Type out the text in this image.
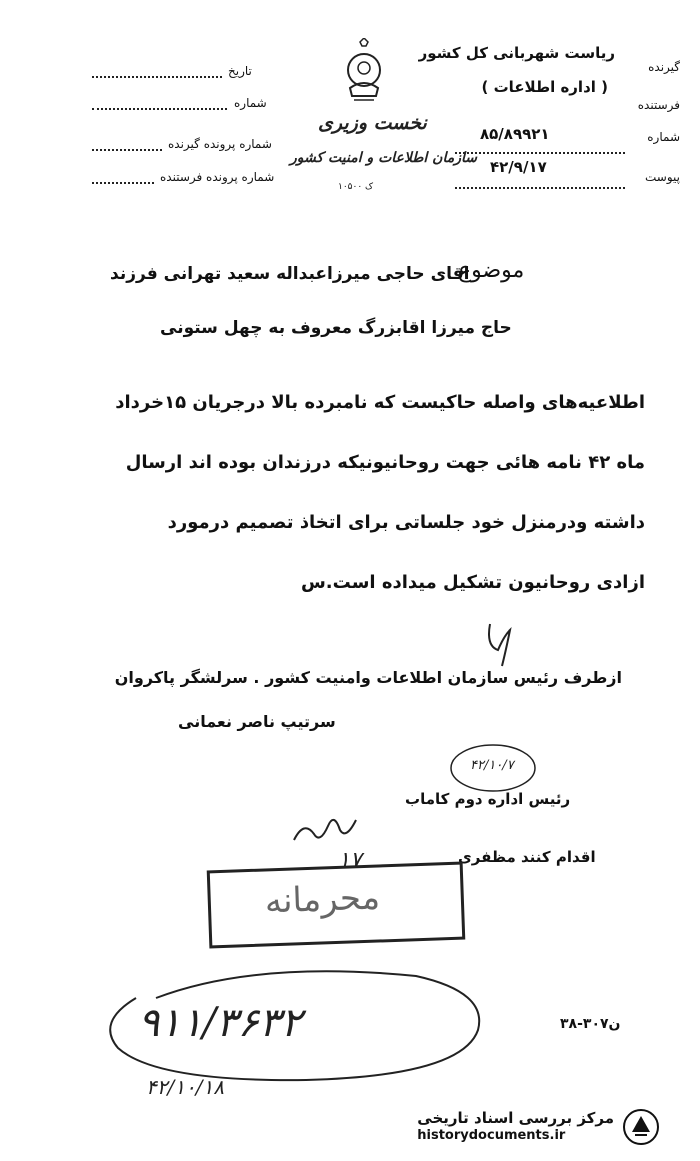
گیرنده
ریاست شهربانی کل کشور
فرستنده
( اداره اطلاعات )
شماره
۸۵/۸۹۹۲۱
پیوست
۴۲/۹/۱۷
نخست وزیری
سازمان اطلاعات و امنیت کشور
ک ۱۰۵۰۰
تاریخ
شماره
شماره پرونده گیرنده
شماره پرونده فرستنده
موضوع
اقای حاجی میرزاعبداله سعید تهرانی فرزند
حاج میرزا اقابزرگ معروف به چهل ستونی
اطلاعیه‌های واصله حاکیست که نامبرده بالا درجریان ۱۵خرداد
ماه ۴۲ نامه هائی جهت روحانیونیکه درزندان بوده اند ارسال
داشته ودرمنزل خود جلساتی برای اتخاذ تصمیم درمورد
ازادی روحانیون تشکیل میداده است.س
ازطرف رئیس سازمان اطلاعات وامنیت کشور . سرلشگر پاکروان
سرتیپ ناصر نعمانی
۴۲/۱۰/۷
رئیس اداره دوم کاماب
اقدام کنند مظفری
۱۷
محرمانه
۹۱۱/۳۶۳۲	۳۸-۳۰۷ن
۴۲/۱۰/۱۸
مرکز بررسی اسناد تاریخی
historydocuments.ir
